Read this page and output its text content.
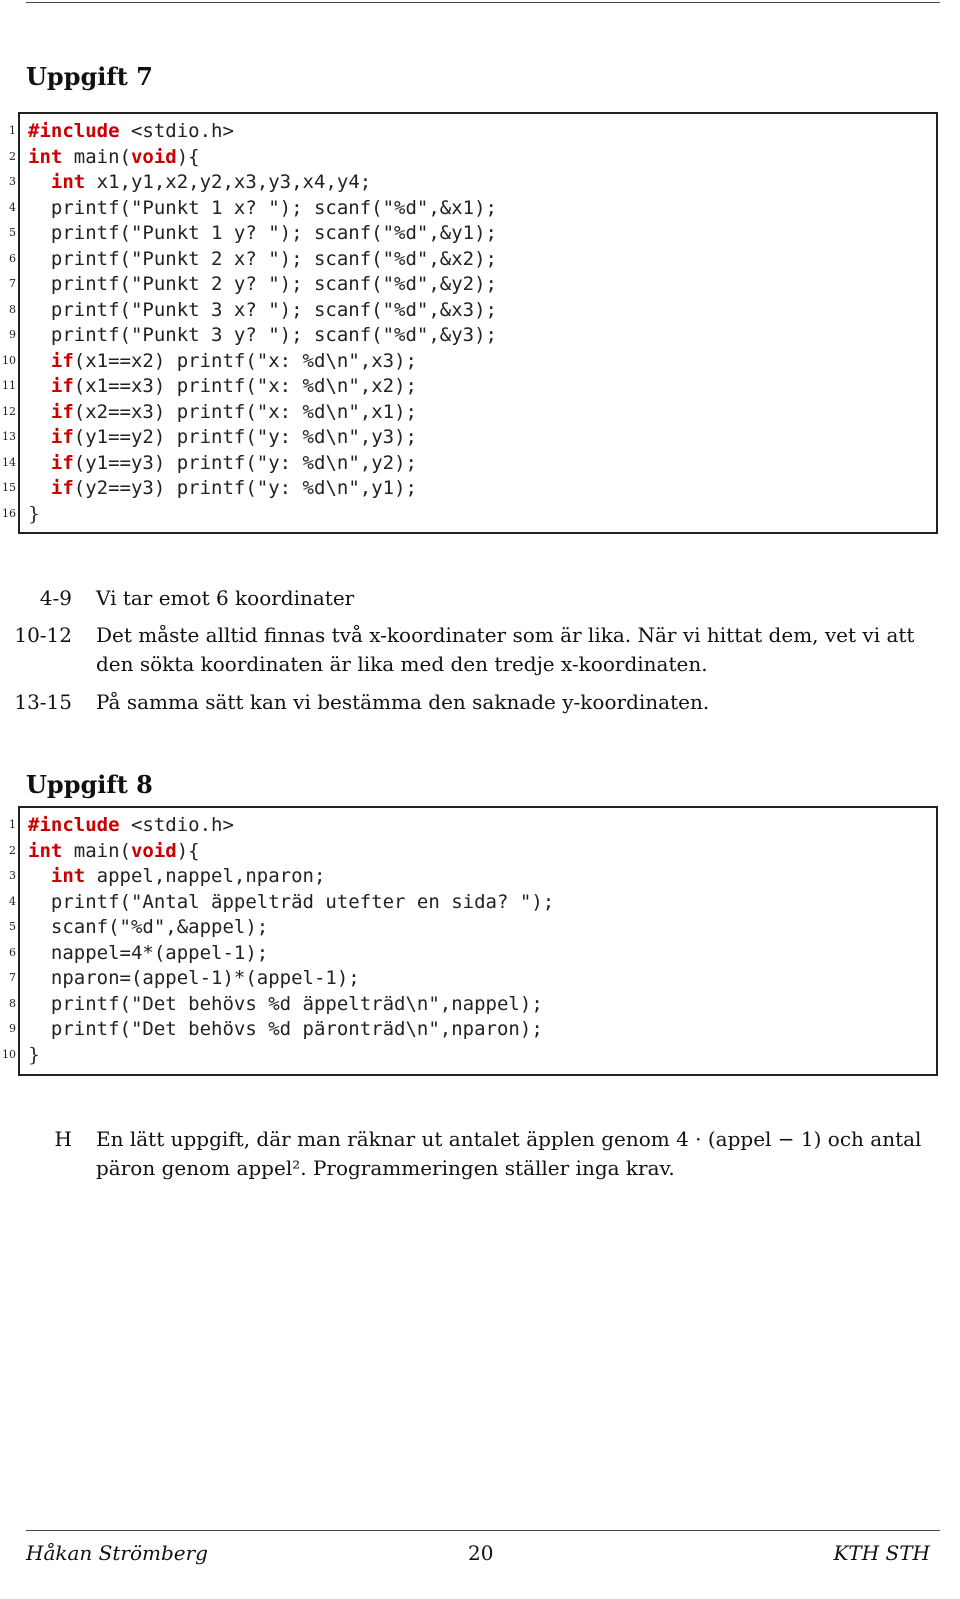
Uppgift 7
1 #include <stdio.h>
2 int main(void){
3	int x1,y1,x2,y2,x3,y3,x4,y4;
4 printf("Punkt 1 x? "); scanf("%d",&x1);
5 printf("Punkt 1 y? "); scanf("%d",&y1);
6 printf("Punkt 2 x? "); scanf("%d",&x2);
7 printf("Punkt 2 y? "); scanf("%d",&y2);
8 printf("Punkt 3 x? "); scanf("%d",&x3);
9 printf("Punkt 3 y? "); scanf("%d",&y3);
10	if(x1==x2) printf("x: %d\n",x3);
11	if(x1==x3) printf("x: %d\n",x2);
12	if(x2==x3) printf("x: %d\n",x1);
13	if(y1==y2) printf("y: %d\n",y3);
14	if(y1==y3) printf("y: %d\n",y2);
15	if(y2==y3) printf("y: %d\n",y1);
16 }
4-9 Vi tar emot 6 koordinater
10-12 Det måste alltid finnas två x-koordinater som är lika. När vi hittat dem, vet vi att den sökta koordinaten är lika med den tredje x-koordinaten.
13-15 På samma sätt kan vi bestämma den saknade y-koordinaten.
Uppgift 8
1 #include <stdio.h>
2 int main(void){
3	int appel,nappel,nparon;
4 printf("Antal äppelträd utefter en sida? ");
5 scanf("%d",&appel);
6 nappel=4*(appel-1);
7 nparon=(appel-1)*(appel-1);
8 printf("Det behövs %d äppelträd\n",nappel);
9 printf("Det behövs %d päronträd\n",nparon);
10 }
H En lätt uppgift, där man räknar ut antalet äpplen genom 4 · (appel − 1) och antal päron genom appel². Programmeringen ställer inga krav.
Håkan Strömberg	20	KTH STH
